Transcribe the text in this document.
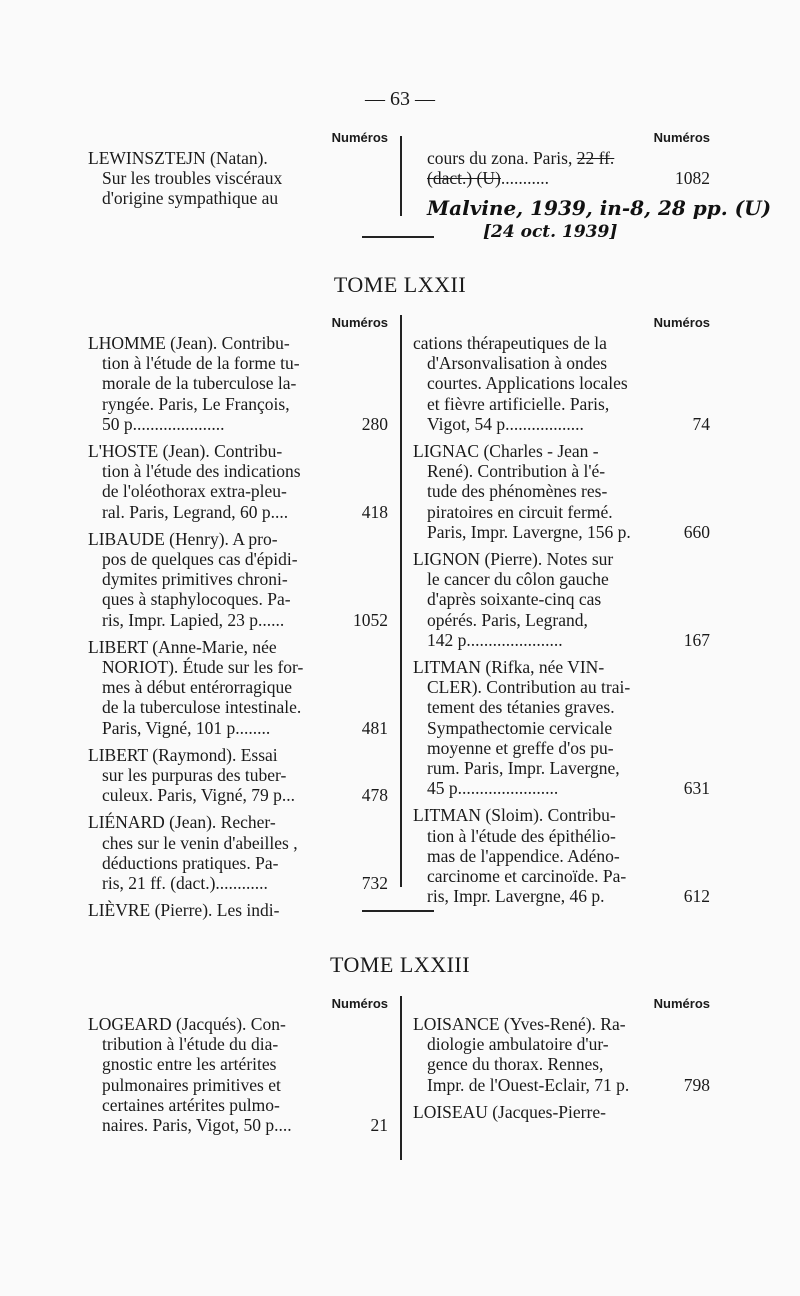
— 63 —
Numéros
LEWINSZTEJN (Natan).
Sur les troubles viscéraux
d'origine sympathique au
Numéros
cours du zona. Paris, 22 ff.
(dact.) (U)...........	1082
Malvine, 1939, in-8, 28 pp. (U)
[24 oct. 1939]
TOME LXXII
Numéros
LHOMME (Jean). Contribu-
tion à l'étude de la forme tu-
morale de la tuberculose la-
ryngée. Paris, Le François,
50 p.....................	280
L'HOSTE (Jean). Contribu-
tion à l'étude des indications
de l'oléothorax extra-pleu-
ral. Paris, Legrand, 60 p....	418
LIBAUDE (Henry). A pro-
pos de quelques cas d'épidi-
dymites primitives chroni-
ques à staphylocoques. Pa-
ris, Impr. Lapied, 23 p......	1052
LIBERT (Anne-Marie, née
NORIOT). Étude sur les for-
mes à début entérorragique
de la tuberculose intestinale.
Paris, Vigné, 101 p........	481
LIBERT (Raymond). Essai
sur les purpuras des tuber-
culeux. Paris, Vigné, 79 p...	478
LIÉNARD (Jean). Recher-
ches sur le venin d'abeilles ,
déductions pratiques. Pa-
ris, 21 ff. (dact.)............	732
LIÈVRE (Pierre). Les indi-
Numéros
cations thérapeutiques de la
d'Arsonvalisation à ondes
courtes. Applications locales
et fièvre artificielle. Paris,
Vigot, 54 p..................	74
LIGNAC (Charles - Jean -
René). Contribution à l'é-
tude des phénomènes res-
piratoires en circuit fermé.
Paris, Impr. Lavergne, 156 p.	660
LIGNON (Pierre). Notes sur
le cancer du côlon gauche
d'après soixante-cinq cas
opérés. Paris, Legrand,
142 p......................	167
LITMAN (Rifka, née VIN-
CLER). Contribution au trai-
tement des tétanies graves.
Sympathectomie cervicale
moyenne et greffe d'os pu-
rum. Paris, Impr. Lavergne,
45 p.......................	631
LITMAN (Sloim). Contribu-
tion à l'étude des épithélio-
mas de l'appendice. Adéno-
carcinome et carcinoïde. Pa-
ris, Impr. Lavergne, 46 p.	612
TOME LXXIII
Numéros
LOGEARD (Jacqués). Con-
tribution à l'étude du dia-
gnostic entre les artérites
pulmonaires primitives et
certaines artérites pulmo-
naires. Paris, Vigot, 50 p....	21
Numéros
LOISANCE (Yves-René). Ra-
diologie ambulatoire d'ur-
gence du thorax. Rennes,
Impr. de l'Ouest-Eclair, 71 p.	798
LOISEAU (Jacques-Pierre-
